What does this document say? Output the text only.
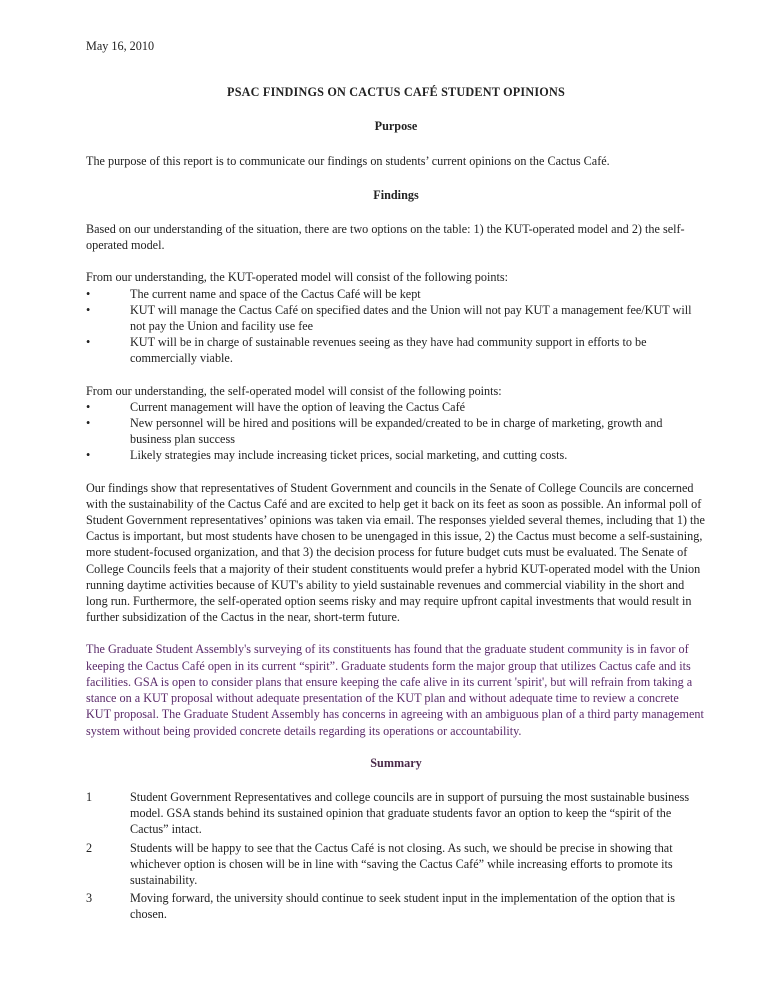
May 16, 2010
PSAC FINDINGS ON CACTUS CAFÉ STUDENT OPINIONS
Purpose

The purpose of this report is to communicate our findings on students’ current opinions on the Cactus Café.

Findings

Based on our understanding of the situation, there are two options on the table: 1) the KUT-operated model and 2) the self-operated model.

From our understanding, the KUT-operated model will consist of the following points:
•	The current name and space of the Cactus Café will be kept
•	KUT will manage the Cactus Café on specified dates and the Union will not pay KUT a management fee/KUT will not pay the Union and facility use fee
•	KUT will be in charge of sustainable revenues seeing as they have had community support in efforts to be commercially viable.
From our understanding, the self-operated model will consist of the following points:
•	Current management will have the option of leaving the Cactus Café
•	New personnel will be hired and positions will be expanded/created to be in charge of marketing, growth and business plan success
•	Likely strategies may include increasing ticket prices, social marketing, and cutting costs.

Our findings show that representatives of Student Government and councils in the Senate of College Councils are concerned with the sustainability of the Cactus Café and are excited to help get it back on its feet as soon as possible. An informal poll of Student Government representatives’ opinions was taken via email. The responses yielded several themes, including that 1) the Cactus is important, but most students have chosen to be unengaged in this issue, 2) the Cactus must become a self-sustaining, more student-focused organization, and that 3) the decision process for future budget cuts must be evaluated. The Senate of College Councils feels that a majority of their student constituents would prefer a hybrid KUT-operated model with the Union running daytime activities because of KUT's ability to yield sustainable revenues and commercial viability in the short and long run. Furthermore, the self-operated option seems risky and may require upfront capital investments that would result in further subsidization of the Cactus in the near, short-term future.

The Graduate Student Assembly's surveying of its constituents has found that the graduate student community is in favor of keeping the Cactus Café open in its current “spirit”. Graduate students form the major group that utilizes Cactus cafe and its facilities. GSA is open to consider plans that ensure keeping the cafe alive in its current 'spirit', but will refrain from taking a stance on a KUT proposal without adequate presentation of the KUT plan and without adequate time to review a concrete KUT proposal. The Graduate Student Assembly has concerns in agreeing with an ambiguous plan of a third party management system without being provided concrete details regarding its operations or accountability.

Summary
1	Student Government Representatives and college councils are in support of pursuing the most sustainable business model. GSA stands behind its sustained opinion that graduate students favor an option to keep the “spirit of the Cactus” intact.
2	Students will be happy to see that the Cactus Café is not closing. As such, we should be precise in showing that whichever option is chosen will be in line with “saving the Cactus Café” while increasing efforts to promote its sustainability.
3	Moving forward, the university should continue to seek student input in the implementation of the option that is chosen.
